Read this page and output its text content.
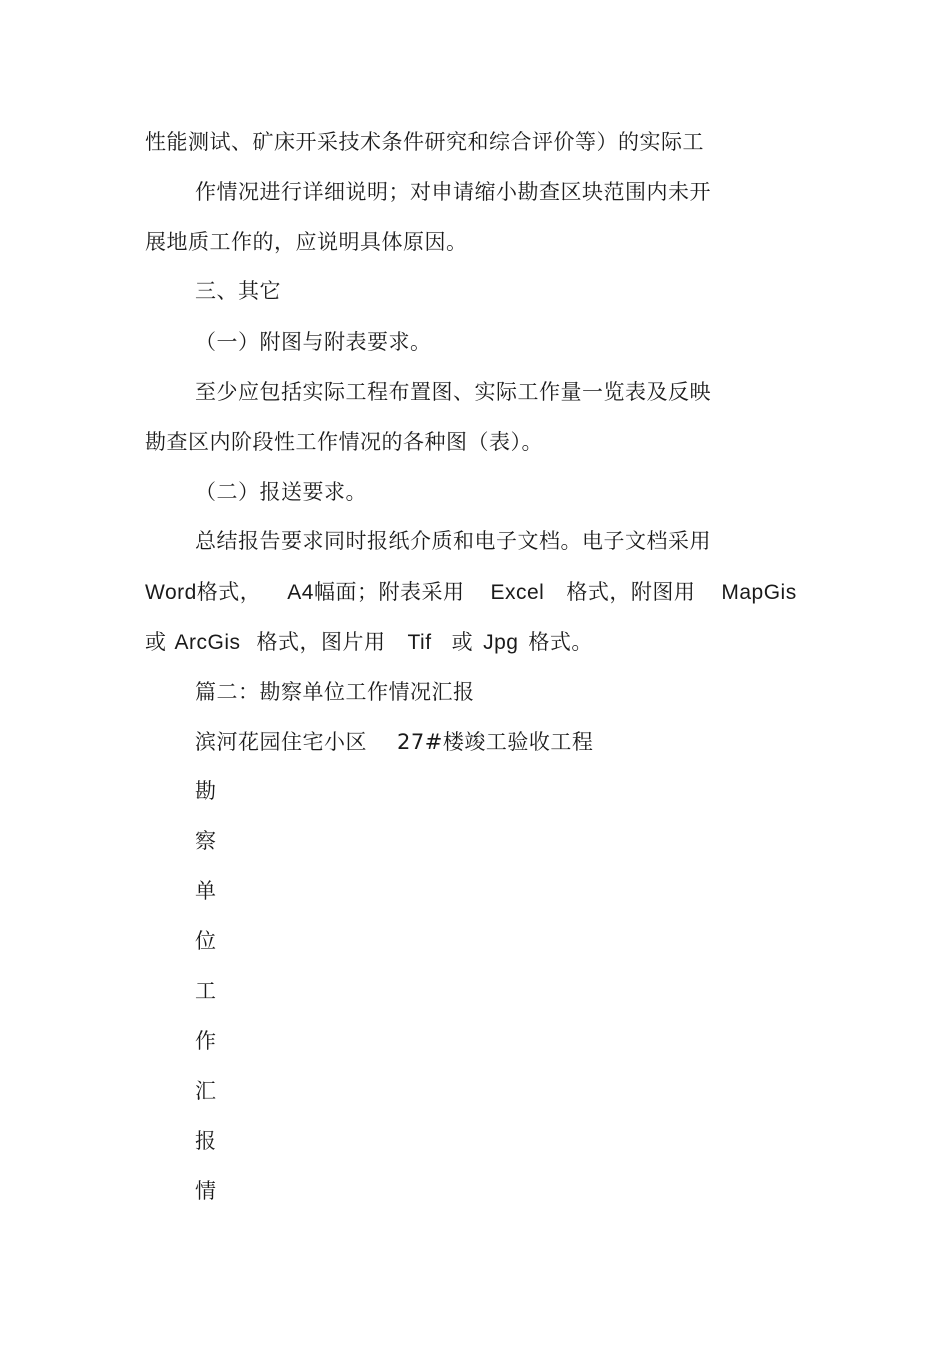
性能测试、矿床开采技术条件研究和综合评价等）的实际工
作情况进行详细说明；对申请缩小勘查区块范围内未开
展地质工作的，应说明具体原因。
三、其它
（一）附图与附表要求。
至少应包括实际工程布置图、实际工作量一览表及反映
勘查区内阶段性工作情况的各种图（表）。
（二）报送要求。
总结报告要求同时报纸介质和电子文档。电子文档采用
Word格式， A4幅面；附表采用 Excel 格式，附图用 MapGis
或 ArcGis 格式，图片用 Tif 或 Jpg 格式。
篇二：勘察单位工作情况汇报
滨河花园住宅小区 27#楼竣工验收工程
勘
察
单
位
工
作
汇
报
情
